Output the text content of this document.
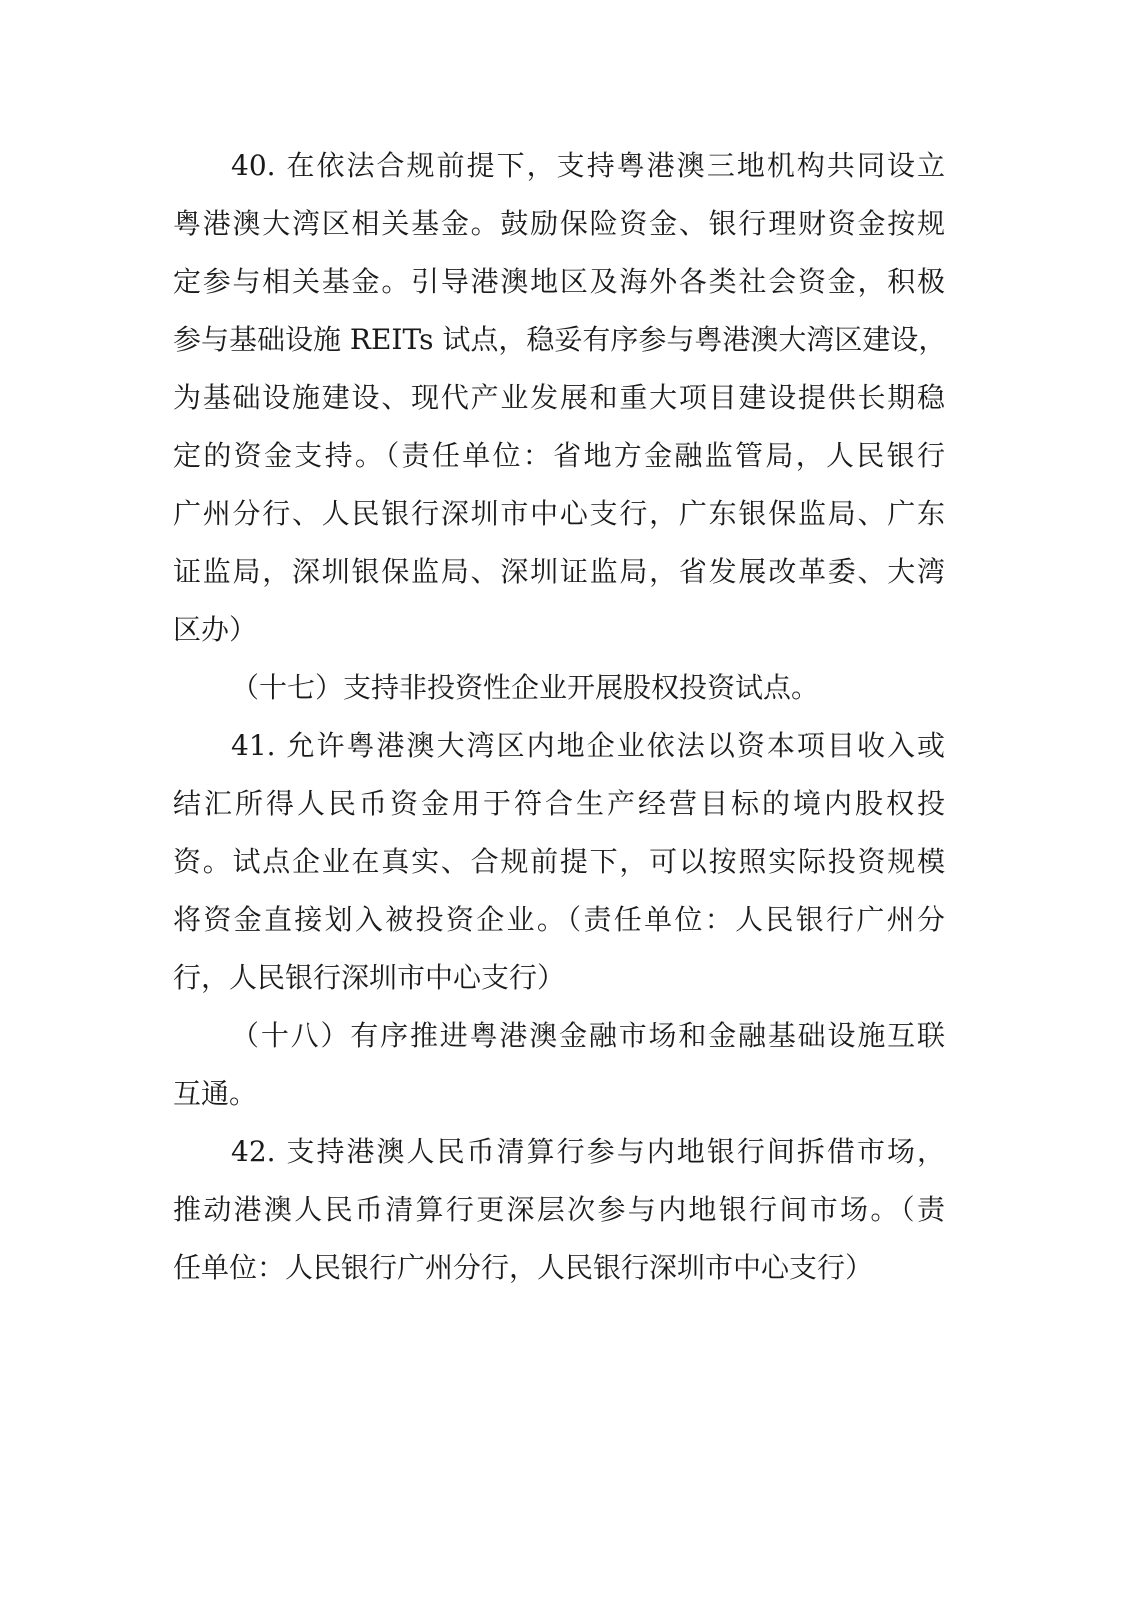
40. 在依法合规前提下，支持粤港澳三地机构共同设立
粤港澳大湾区相关基金。鼓励保险资金、银行理财资金按规
定参与相关基金。引导港澳地区及海外各类社会资金，积极
参与基础设施 REITs 试点，稳妥有序参与粤港澳大湾区建设，
为基础设施建设、现代产业发展和重大项目建设提供长期稳
定的资金支持。（责任单位：省地方金融监管局，人民银行
广州分行、人民银行深圳市中心支行，广东银保监局、广东
证监局，深圳银保监局、深圳证监局，省发展改革委、大湾
区办）
（十七）支持非投资性企业开展股权投资试点。
41. 允许粤港澳大湾区内地企业依法以资本项目收入或
结汇所得人民币资金用于符合生产经营目标的境内股权投
资。试点企业在真实、合规前提下，可以按照实际投资规模
将资金直接划入被投资企业。（责任单位：人民银行广州分
行，人民银行深圳市中心支行）
（十八）有序推进粤港澳金融市场和金融基础设施互联
互通。
42. 支持港澳人民币清算行参与内地银行间拆借市场，
推动港澳人民币清算行更深层次参与内地银行间市场。（责
任单位：人民银行广州分行，人民银行深圳市中心支行）
